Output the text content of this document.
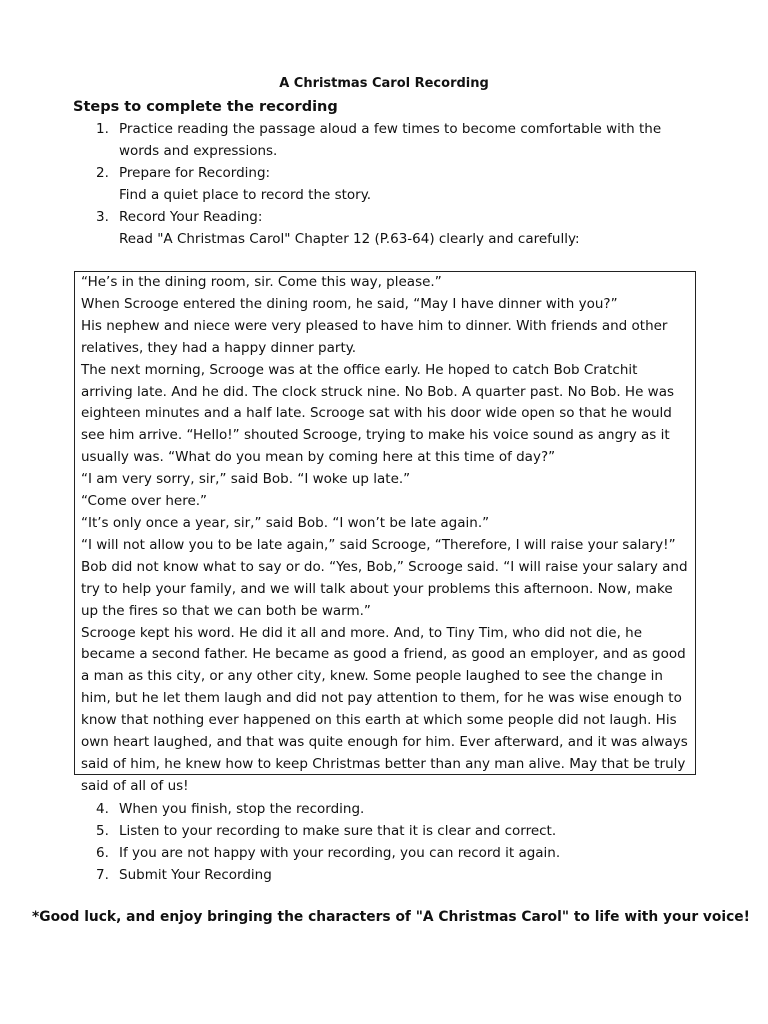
A Christmas Carol Recording
Steps to complete the recording
1. Practice reading the passage aloud a few times to become comfortable with the words and expressions.
2. Prepare for Recording:
Find a quiet place to record the story.
3. Record Your Reading:
Read "A Christmas Carol" Chapter 12 (P.63-64) clearly and carefully:

“He’s in the dining room, sir. Come this way, please.”

When Scrooge entered the dining room, he said, “May I have dinner with you?”

His nephew and niece were very pleased to have him to dinner. With friends and other relatives, they had a happy dinner party.

The next morning, Scrooge was at the office early. He hoped to catch Bob Cratchit arriving late. And he did. The clock struck nine. No Bob. A quarter past. No Bob. He was eighteen minutes and a half late. Scrooge sat with his door wide open so that he would see him arrive. “Hello!” shouted Scrooge, trying to make his voice sound as angry as it usually was. “What do you mean by coming here at this time of day?”

“I am very sorry, sir,” said Bob. “I woke up late.”

“Come over here.”

“It’s only once a year, sir,” said Bob. “I won’t be late again.”

“I will not allow you to be late again,” said Scrooge, “Therefore, I will raise your salary!”

Bob did not know what to say or do. “Yes, Bob,” Scrooge said. “I will raise your salary and try to help your family, and we will talk about your problems this afternoon. Now, make up the fires so that we can both be warm.”

Scrooge kept his word. He did it all and more. And, to Tiny Tim, who did not die, he became a second father. He became as good a friend, as good an employer, and as good a man as this city, or any other city, knew. Some people laughed to see the change in him, but he let them laugh and did not pay attention to them, for he was wise enough to know that nothing ever happened on this earth at which some people did not laugh. His own heart laughed, and that was quite enough for him. Ever afterward, and it was always said of him, he knew how to keep Christmas better than any man alive. May that be truly said of all of us!

4. When you finish, stop the recording.
5. Listen to your recording to make sure that it is clear and correct.
6. If you are not happy with your recording, you can record it again.
7. Submit Your Recording
*Good luck, and enjoy bringing the characters of "A Christmas Carol" to life with your voice!
